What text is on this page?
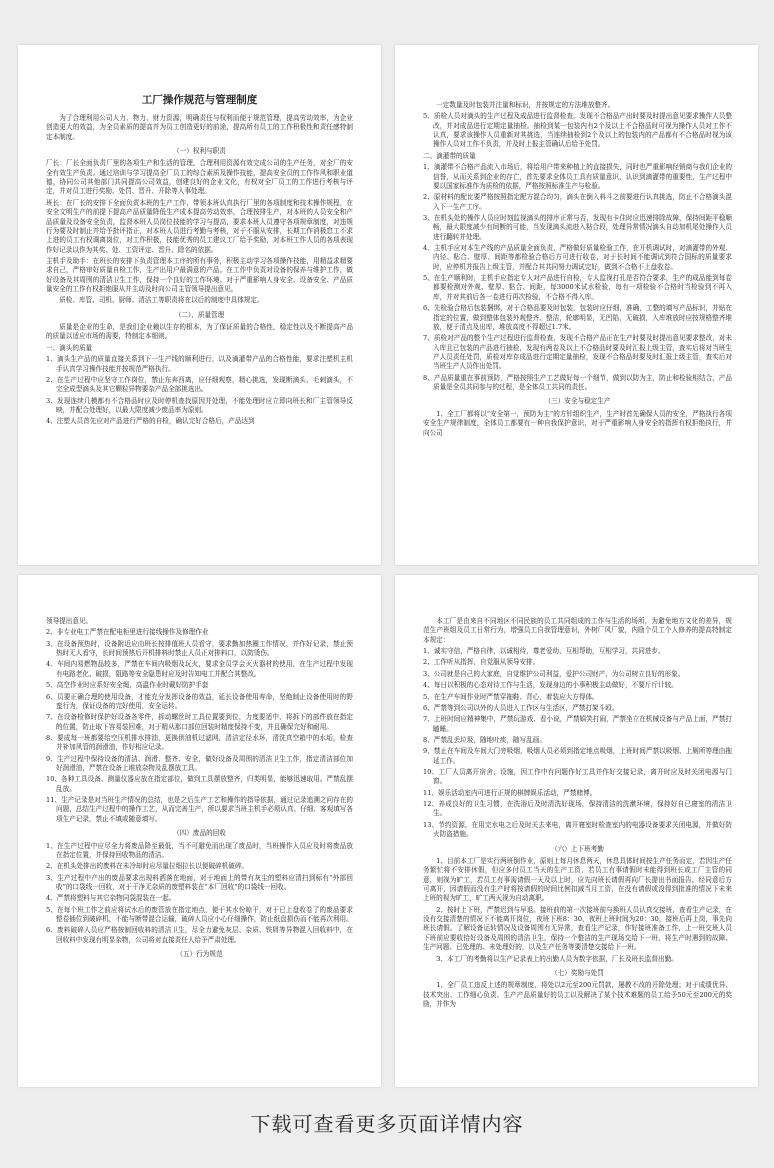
工厂操作规范与管理制度

为了合理利用公司人力、物力、财力资源，明确责任与权利而便于规范管理，提高劳动效率，为企业创造更大的效益，为全员素质的提高并为员工创造更好的前途，提高所有员工的工作积极性和责任感特制定本制度。

（一）权利与职责

厂长：厂长全面负责厂里的各项生产和生活的管理，合理利用资源有效完成公司的生产任务，对全厂的安全有效生产负责。通过培训与学习提高全厂员工的综合素质及操作技能，提高安全员的工作作风和职业道德，协同公司其他部门共同提高公司效益，创建良好的企业文化，有权对全厂员工的工作进行考核与评定，并对员工进行奖励、处罚、晋升、开除等人事处理。

班长：在厂长的安排下全面负责本班的生产工作，带领本班认真执行厂里的各项制度和技术操作规程，在安全文明生产的前提下提高产品质量降低生产成本提高劳动效率，合理按排生产，对本班的人员安全和产品质量及设备安全负责，监督本班人员岗位技能的学习与提高，要求本班人员遵守各项规章制度，对违规行为要及时制止并给予批评指正，对本班人员进行考勤与考核，对于不服从安排，长期工作消极怠工不求上进的员工有权调离岗位，对工作积极，技能优秀的员工建议工厂给予奖励，对本班工作人员的各项表现作好记录以作为其奖、处、工资评定、晋升、除名的依据。

主机手及助手：在班长的安排下负责管理本工序的所有事务，积极主动学习各项操作技能，用精益求精要求自己，严格审好质量自检工作，生产出用户最满意的产品。在工作中负责对设备的保养与维护工作，做好设备及其周围的清洁卫生工作，保持一个良好的工作环境。对于严重影响人身安全、设备安全、产品质量安全的工作有权拒绝服从并主动及时向公司主管领导提出意见。

质检、库管、司机、厨师、清洁工等职责将在以后的制度中具体规定。

（二）、质量管理

质量是企业的生命，是我们企业赖以生存的根本，为了保证质量的合格性，稳定性以及不断提高产品的质量以适应市场的需要，特制定本细则。

一、滴头的质量

1、滴头生产品的质量直接关系到下一生产线的顺利进行，以及滴灌带产品的合格性能，要求注塑机主机手认真学习操作技能并按规范严格执行。

2、在生产过程中应坚守工作岗位，禁止东奔西离，应仔细观察，精心挑选，发现断滴头、毛刺滴头，不完全成型滴头及其它颗粒异物要杂产品全部挑选出。

3、发现连续几模都有不合格品时应及时停机查找原因并处理，不能处理时应立即向班长和厂主管领导反映，并配合处理好，以最大限度减少废品率为原则。

4、注塑人员首先应对产品进行严格的自检，确认完好合格后，产品达到

一定数量及时包装并注量和标识，并按规定的方法堆放整齐。

5、质检人员对滴头的生产过程及成品进行监督检查，发现不合格品产出时要及时提出意见要求操作人员整改，并对成品进行定期定量抽检。抽检到某一包装内有2个及以上不合格品时可视为操作人员对工作不认真，要求该操作人员重新对其挑选，当连续抽检到2个及以上的包装内的产品都有不合格品时视为该操作人员对工作不负责，并及时上报主管确认后给予处罚。

二、滴灌带的质量

1、滴灌带不合格产品流入市场后，将给用户带来种植上的直接损失，同时也严重影响经销商与我们企业的信誉，从而关系到企业的存亡，首先要求全体员工具有质量意识，认识到滴灌带的重要性，生产过程中要以国家标准作为质检的依据，严格按照标准生产与检验。

2、原材料的配比要严格按照指定配方混合均匀，滴头在倒入料斗之前要进行认真挑选，防止不合格滴头混入下一生产工序。

3、在机头处的操作人员应时刻监视滴头的排序正常与否，发现有卡住时应迅速排除故障，保持间距平稳顺畅，最大限度减少有间断的可能，当发现滴头流进入粘合段，处理异常情况滴头自动加机尾处操作人员进行翻转并处理。

4、主机手应对本生产线的产品质量全面负责，严格做好质量检验工作，在开机调试时，对滴灌带的外观、内径、粘合、壁厚、间距等都检验合格后方可进行收卷，对于长时间不能调试到符合国标的质量要求时，应停机并报告上级主管，并配合其共同努力调试完好，做到不合格不上盘收卷。

5、在生产顺利时，主机手应指定专人对产品进行自检，专人监视打孔是否符合要求，生产的成品能到每卷都要检测对外观、壁厚、粘合、间距，每3000米试水检验，每有一项检验不合格时当检验到不再入库，并对其前后各一卷进行再次检验，不合格不得入库。

6、先检验合格后包装捆绑，对于合格品要及时包装，包装时应仔细，准确，工整的填写产品标识，并贴在指定的位置，做到整体包装外观整齐、整洁，轮廓明显，无凹陷，无破损，入库堆放时应按规格整齐堆放，便于清点及出库，堆放高度不得超过1.7米。

7、质检对产品的整个生产过程进行监督检查，发现不合格产品正在生产时要及时提出意见要求整改，对未入库且已包装的产品进行抽检，发现有两卷及以上不合格品时要及时汇报上级主管，查实后将对当班生产人员责任处罚，质检对库存成品进行定期定量抽检，发现不合格品时要及时汇报上级主管，查实后对当班生产人员作出处罚。

8、产品质量重在事前预防，严格按照生产工艺做好每一个细节，做到以防为主，防止和检验相结合，产品质量是全员共同参与的过程，是全体员工共同的责任。

（三）安全与稳定生产

1、全工厂都将以“安全第一，预防为主”的方针组织生产，生产时首先确保人员的安全，严格执行各项安全生产规律制度，全体员工都要有一种自我保护意识，对于严重影响人身安全的指挥有权拒绝执行，并向公司

领导提出意见。

2、非专业电工严禁在配电柜里进行接线操作及修理作业

3、在设备预热时，设备附近应由班长按排值班人员看守，要求勤加热圈工作情况，并作好记录，禁止预热时无人看守，长时间预热后开机排料时禁止人员正对排料口，以防烫伤。

4、车间内易燃物品较多，严禁在车间内吸烟及玩火，要求全员学会灭火器材的使用，在生产过程中发现有电路老化、破损，阻路等安全隐患时应及时告知电工并配合其整改。

5、高空作业时应系好安全绳，高温作业时戴好防护手套

6、员要正确合理的使用设备，才能充分发挥设备的效益，延长设备使用寿命，坚绝制止设备使用时的野蛮行为，保证设备的完好使用，安全运转。

7、在设备检修时保护好设备各零件，拆动螺丝时工具位置要到位，力度要适中，将拆下的部件放在指定的位置，防止取下容易装回难，对于精从那口部位回装时精度保持不变，并且确保完好和耐用。

8、要成每一班都要给空压机排水排油，更换供油机过滤网，清洁定径水环，清洗真空箱中的水垢，检查并补加风管的润滑油，作好相应记录。

9、生产过程中保持设备的清洁、润滑、整齐、安全，做好设备及周围的清洁卫生工作，指定清洁部位加好润滑油，严禁在设备上堆放杂物及乱摆放工具。

10、各种工具设备、测量仪器应放在指定部位，做到工具摆放整齐，归类明显，能够迅速取用。严禁乱摆乱放。

11、生产记录是对当班生产情况的总结，也是之后生产工艺和操作的指导依据，通过记录追溯之问存在的问题，总结生产过程中的操作工艺，从而完善生产，所以要求当班主机手必须认真、仔细、客观填写各项生产记录，禁止不填或随意填写。

（四）废品的回收

1、在生产过程中应尽全力将废品降至最低，当不可避免而出现了废品时，当班操作人员应及时将废品放在指定位置，并保持回收物品的清洁。

2、在机头处排出的废料在未冷却时应尽量拉细拉长以便破碎机破碎。

3、生产过程中产出的废品要求出现料洒落在地面，对于地面上的带有灰尘的塑料应清扫到标有“外部回收”的口袋线一回收，对于干净无杂质的废塑料装在“本厂回收”的口袋线一回收。

4、严禁将塑料与其它杂物同袋混装在一起。

5、在每个班工作之前应将试水后的废管放在指定地点，便于其水份晾干，对于已上盘收卷了的废品要求整卷插位到破碎机，不能与断带混合运输，破碎人员应小心仔细操作，防止纸盘损伤而不能再次利用。

6、废料破碎人员应严格按制回收料的清洁卫生，尽全力避免灰层、杂质、铁屑等异物混入回收料中，在回收料中发现有明显杂物，公司将对直接责任人给予严肃处理。

（五）行为规范

本工厂是由来自不同地区不同民族的员工共同组成的工作与生活的场所，为避免地方文化的差异，规范生产班组及员工日常行为，增强员工自我管理意识，外树厂风厂貌，内励个员工个人修养的提高特制定本规定：

1、诚实守信，严格自律，以诚相待，尊老爱幼，互相帮助，互相学习，共同进步。

2、工作听从指挥，自觉服从领导安排。

3、公司就是自己的大家庭，自觉维护公司利益，爱护公司财产，为公司树立良好的形象。

4、每日以积极的心态对待工作与生活，发现身边的小事积极主动做好，不要斤斤计较。

5、在生产车间作业时严禁穿拖鞋、背心，着装应大方得体。

6、严禁等到公司以外的人员进入工作区与生活区，严禁打架斗殴。

7、上班时间应精神集中，严禁玩游戏、看小说，严禁嬉笑打闹，严禁坐立在机械设备与产品上面，严禁打瞌睡。

8、严禁乱丢垃圾，随地吐痰，随写乱画。

9、禁止在车间及车间大门旁吸烟，吸烟人员必须到指定地点吸烟，上班时间严禁以吸烟、上厕所等理由拖延工作。

10、工厂人员离开宿舍、设施，因工作中有问题作好工具并作好交接记录，离开时应及时关闭电源与门窗。

11、娱乐活动室内可进行正规的棋牌娱乐活动，严禁赌博。

12、养成良好的卫生习惯，在洗浴后及时清洗好现场，保持清洁的洗漱环境，保持好自已寝室的清洁卫生。

13、节约资源，在用完水电之后及时关去来电，离开寝室时检查室内的电器设备要求关闭电源，并做好防火防盗措施。

（六）上下班考勤

1、目前本工厂是实行两班倒作业，原则上每月休息两天，休息具体时间按生产任务而定，若因生产任务繁忙将不安排休假，但应多付员工当天的生产工资，若员工有事请假时未能得到班长或工厂主管的同意，则视为旷工，若员工有事需请假一天及以上时，应先向班长请假再向厂长提出书面报告，经同意后方可离开，因请假而没有生产时将按请假的时间比例扣减当月工资，在没有请假或没得到批准的情况下未来上班的视为旷工，旷工两天视为自动离职。

2、按时上下班，严禁迟到与早退。接班前的第一次接班前与换班人员认真交接班，查看生产记录，在没有交接清楚的情况下不能离开岗位，夜班下班8：30，夜班上班时间为20：30，接班后再上岗，事先向班长请假。了解设备运转情况及设备周围有无异常，查看生产记录，作好接班准备工作，上一班交班人员下班前应要收拾好设备及周围的清洁卫生，保持一个整洁的生产现场交给下一班，将生产时遇到的故障、生产问题、已处理的、未处理好的，以及生产任务等要清楚交接给下一班。

3、本工厂的考勤将以生产记录表上的出勤人员为数字依据，厂长及班长监督出勤。

（七）奖励与处罚

1、全厂员工违反上述的规章制度，将处以2元至200元罚款，屡教不改的开除处理；对于成绩优异、技术突出、工作细心负责、生产产品质量好的员工以及解决了某个技术难题的员工给予50元至200元的奖励，并作为

下载可查看更多页面详情内容
